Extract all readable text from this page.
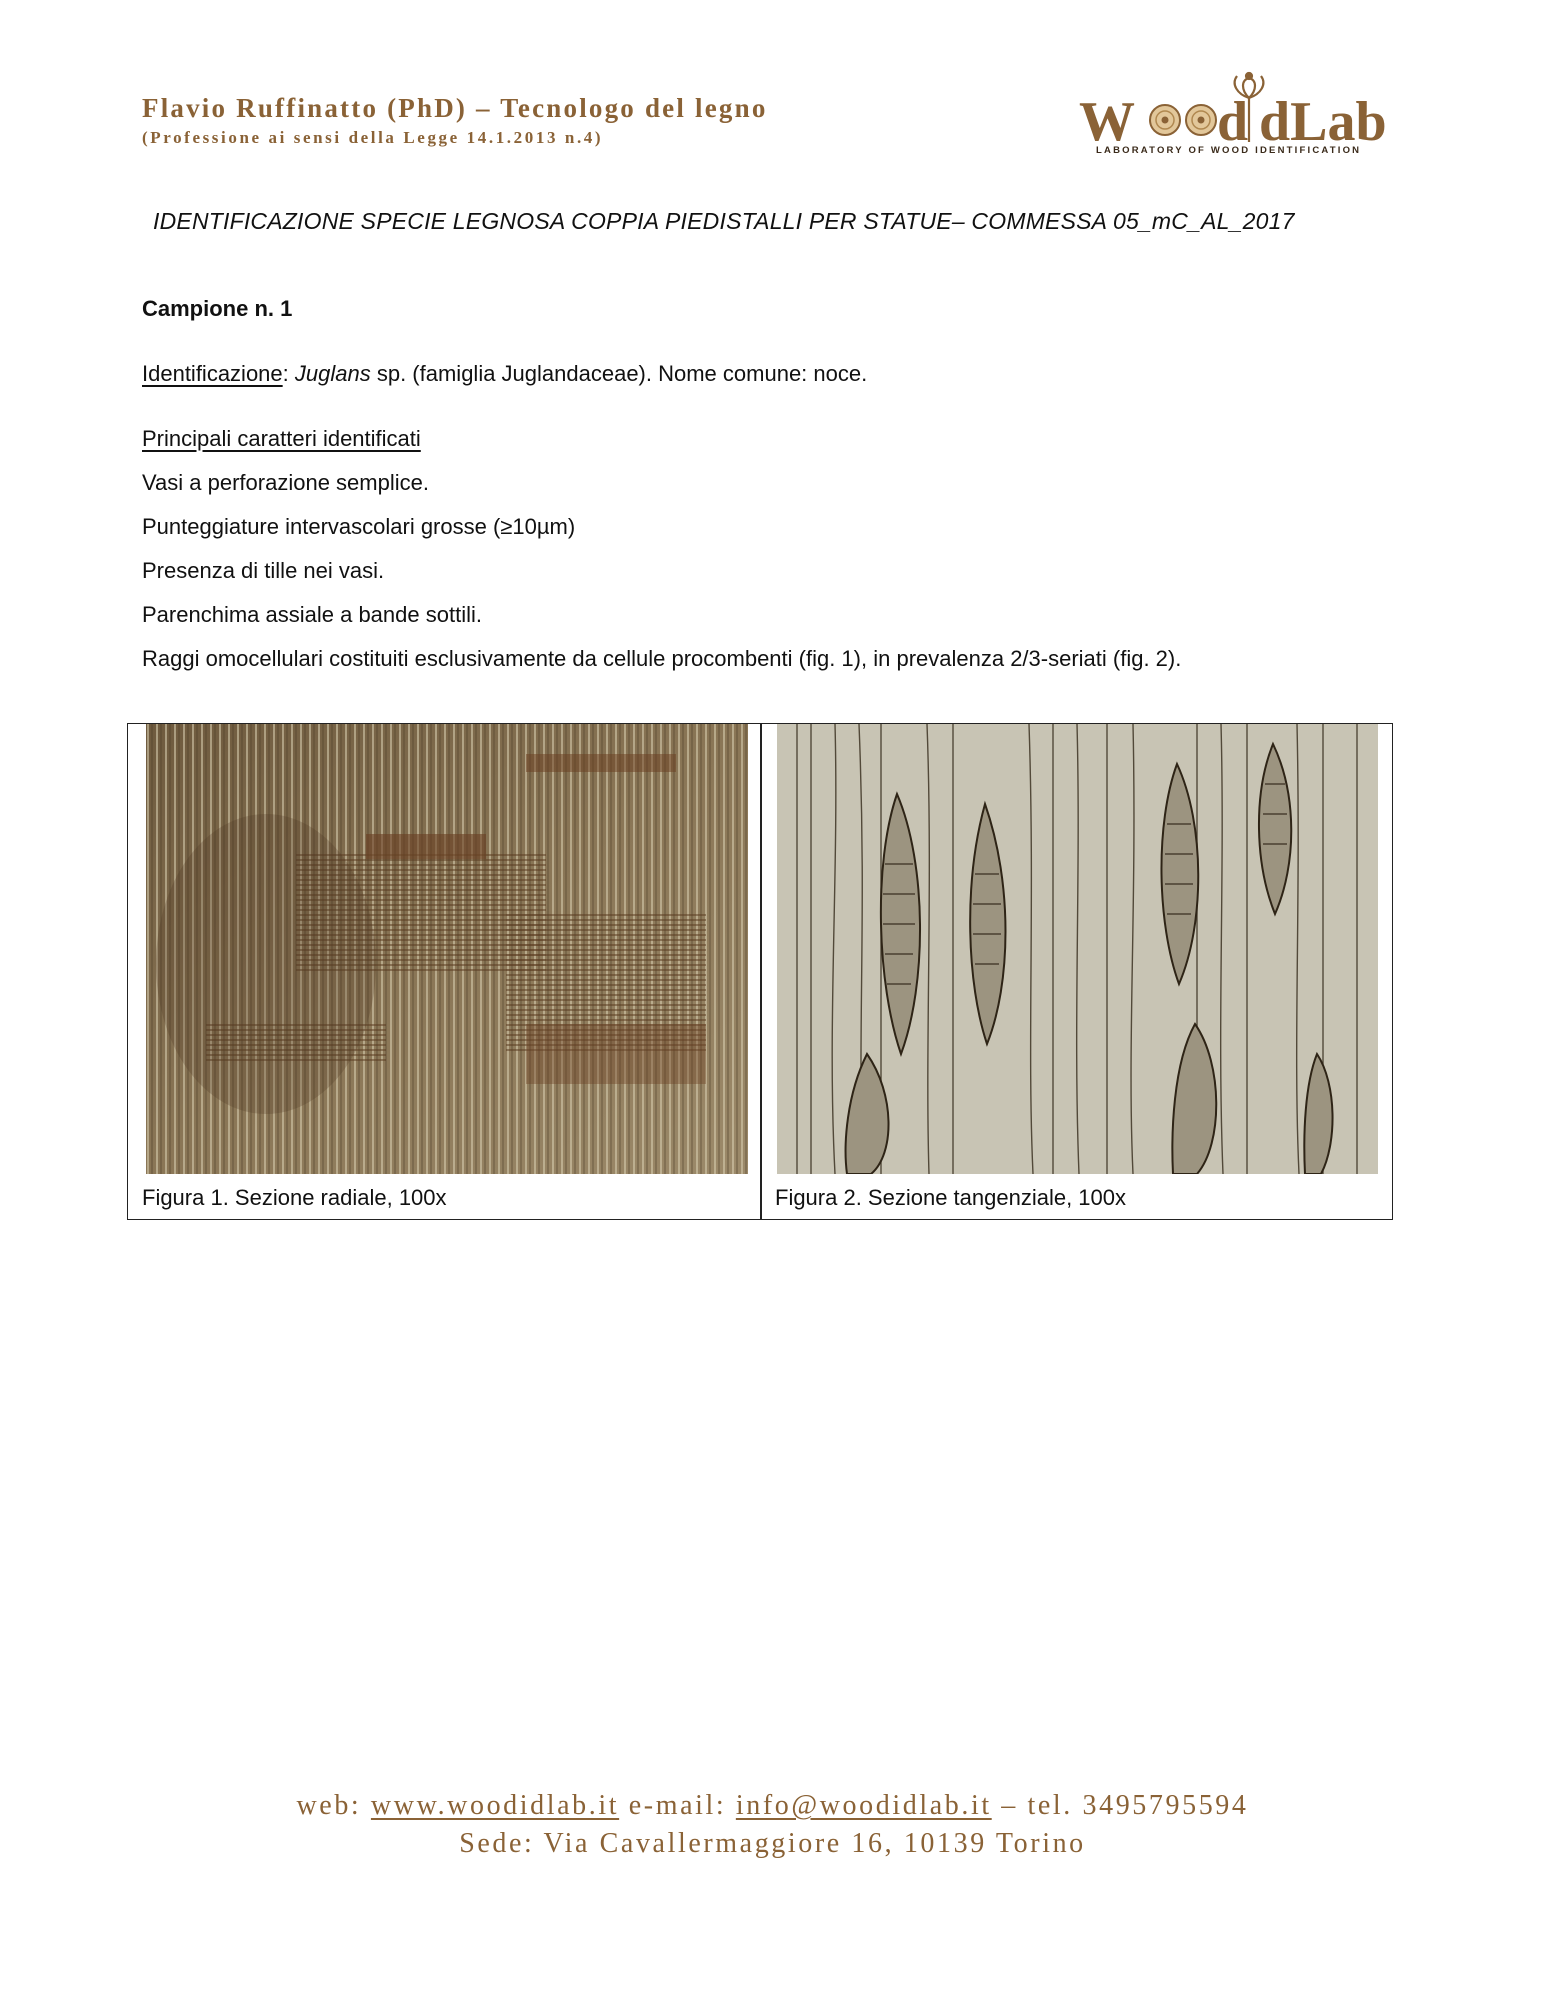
Flavio Ruffinatto (PhD) – Tecnologo del legno
(Professione ai sensi della Legge 14.1.2013 n.4)	W d dLab
LABORATORY OF WOOD IDENTIFICATION
IDENTIFICAZIONE SPECIE LEGNOSA COPPIA PIEDISTALLI PER STATUE– COMMESSA 05_mC_AL_2017
Campione n. 1
Identificazione: Juglans sp. (famiglia Juglandaceae). Nome comune: noce.
Principali caratteri identificati
Vasi a perforazione semplice.
Punteggiature intervascolari grosse (≥10µm)
Presenza di tille nei vasi.
Parenchima assiale a bande sottili.
Raggi omocellulari costituiti esclusivamente da cellule procombenti (fig. 1), in prevalenza 2/3-seriati (fig. 2).
Figura 1. Sezione radiale, 100x	Figura 2. Sezione tangenziale, 100x
web: www.woodidlab.it e-mail: info@woodidlab.it – tel. 3495795594
Sede: Via Cavallermaggiore 16, 10139 Torino
